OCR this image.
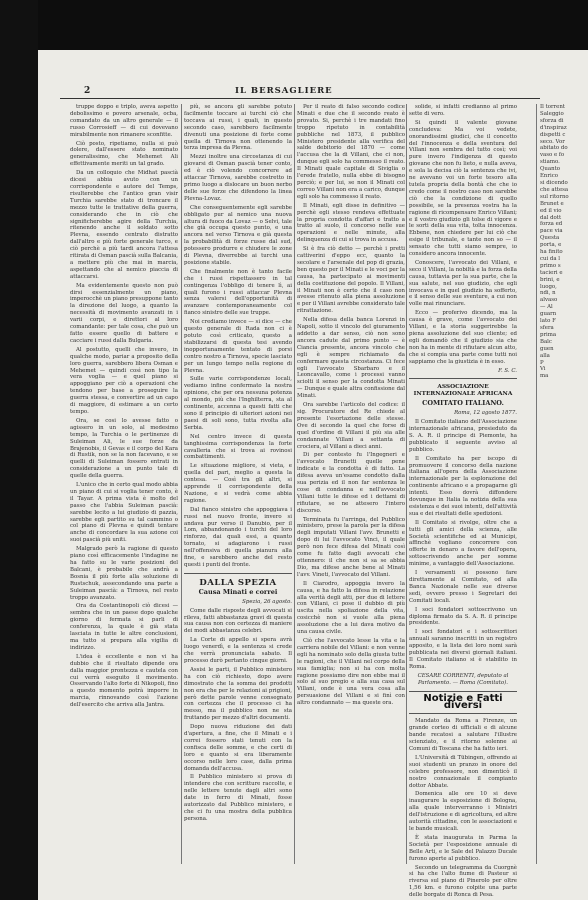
2	IL BERSAGLIERE

truppe doppo e triplo, aveva aspetto debolissimo e povero arsenale, ocba, comandato da un altro generale — il russo Corrosieff — di cui dovevano mirabilmente non rimanere sconfitte.

Ciò posto, ripetiamo, nulla si può dolere, dall'essere stato nominato generalissimo, che Mehemet Ali effettivamente meriti un tal grado.

Da un colloquio che Midhat pascià dicesi abbia avuto con un corrispondente e autore del Temps, risulterebbe che l'antico gran visir Turchia sarebbe stato di troncare il mezzo tutte le trattative della guerra, considerando che in ciò che significherebbe agire della Turchia, ritenendo anche il soldato sotto Plevna, essendo centrato distratto dall'altro e più forte generale turco, e ciò perchè a più tardi ancora l'attesa ritirata di Osman pascià sulla Balcania, a mettere più che mai in marcia, aspettando che al nemico piaccia di attaccarsi.

Ma evidentemente questo non può dirsi essenzialmente un piano, imperocchè un piano presuppone tanto la direzione del luogo, a quanto la necessità di movimento avanzati in i varii corpi, e direttori al loro comandante: per tale cosa, che può un fatto essere quello di battere e cacciare i russi dalla Bulgaria.

Al postutto, quelli che invero, in qualche modo, pariar a proposito della loro guerra, sarebbero libera Osman e Mehemet — quindi così non tipo la vera voglia — e quel piano si appoggiano per ciò a operazioni che tendono per base a proseguire la guerra stessa, e convertire ad un capo di maggiore, di estimare a un certo tempo.

Ora, se cosi lo avesse fatto o agissero in un solo, al medesimo tempo, la Turchia o le pertinenze di Suleiman Ali, le sue forze da Brajenobis, il Gevas e il corpo del Kara di Rustik, non se la non facevano, e se quelli di Suleiman fossero entrati in considerazione a un punto tale di quelle della guerra.

L'unico che in certo qual modo abbia un piano di cui si voglia tener conto, è il Tayar. A prima vista è molto del passo che l'abbia Suleiman pascià: sarebbe lecito a lui giudizio di pazzia, sarebbe egli partito su tal cammino o col piano di Plevna e quindi tentare anche di concordare la sua azione coi suoi pascià più uniti.

Malgrado però la ragione di questo piano così efficacemente l'indagine ne ha fatto su le varie posizioni del Balcani, è probabile che andrà a Bosnia il più forte alla soluzione di Rustschuk, assecondando una parte a Suleiman pascià: a Tirnova, nel resto troppo avanzato.

Ora da Costantinopoli ciò dicesi — sembra che in un paese dopo qualche giorno di fermata si parli di conferenza, la quale è già stata lasciata in tutte le altre conclusioni, ma tutto si prepara alla vigilia di indirizzo.

L'idea è eccellente e non vi ha dubbio che il risultato dipende ora dalla maggior prontezza e cautela con cui verrà eseguito il movimento. Osservando l'alto forte di Nikopoli, fino a questo momento potrà imporre in marcia, rinnovando così l'azione dell'esercito che arriva alla Jantra.

più, se ancora gli sarebbe potuto facilmente toccare ai turchi ciò che toccava ai russi, i quali, in questo secondo caso, sarebbero facilmente divenuti una posizione di forte come quella di Tirnova non ottenendo la terza impresa da Plevna.

Mezzi inoltre una circostanza di cui giovarsi di Osman pascià tener conto, ed è ciò volendo concorrere ad attaccar Tirnova, sarebbe costretto in primo luogo a dislocare un buon nerbo delle sue forze che difendono la linea Plevna-Lovaz.

Che conseguentemente egli sarebbe obbligato pur al nemico una nuova altura di fuoco da Lovaz — o Selvi, tale che già occupa questo punto, e una ancora nel verso Tirnova e già questa la probabilità di forze russe dal sud, potessero produrre e chiudere le zone di Plevna, diverrebbe ai turchi una posizione stabile.

Che finalmente non è tanto facile che i russi rispettassero in tal contingenza l'obbligo di tenere lì, ai quali furono i russi attaccar Plevna senza valersi dell'opportunità di avanzare contemporaneamente col fianco sinistro delle sue truppe.

Noi crediamo invece — si dice — che questo generale di Rada non ci è potuto così criticato, questo a stabilizzarsi di questa tesi avendo inopportunamente tentato di porsi contro nostro a Tirnova, specie lasciato per un lungo tempo nella regione di Plevna.

Sulle varie corrispondenze locali, vediamo infine confermato la nostra opinione, che per ora nessuna potenza al mondo, più che l'Inghilterra, sta al continente, accenna a questi fatti che sono il principio di ulteriori azioni nei paesi di soli sono, tutta rivolta alla Serbia.

Nel centro invece di questa tanghissima corrispondenza la forte cavalleria che si trova ai rovinosi combattimenti.

Le situazione migliore, si vieta, e quella del pari, meglio a questa la contesa. — Così tra gli altri, si apprende il corrispondente della Nazione, e si vedrà come abbia ragione.

Dal fianco sinistro che appoggiava i russi nel nuovo fronte, invero si andava pur verso il Danubio, per il Lom, abbandonando i turchi del loro rinforzo, dai quali essi, a quanto tornato, si adagiarono i russi nell'offensiva di quella pianura alla fine, e sarebbero anche del resto questi i punti del fronte.

DALLA SPEZIA
Causa Minati e correi

Spezia, 26 agosto.

Come dalle risposte degli avvocati si rileva, fatti abbastanza gravi di questa sua causa non con certezza di maniere dei modi abbastanza celebri.

La Corte di appello si spera avrà luogo venerdì, e la sentenza si crede che verrà pronunciata sabato. Il processo durò pertanto cinque giorni.

Assisi le parti, il Pubblico ministero ha con ciò richiesto, dopo avere dimostrato che la somma dei prodotti non era che per le relazioni ai prigioni, però dette parole venne consegnato con certezza che il processo ci ha messo, ma il pubblico non ne sta fruttando per mezzo d'altri documenti.

Dopo nuova riduzione dei dati d'apertura, a fine, che il Minati e i correi fossero stati tenuti con la confisca delle somme, e che certi di loro e quanto si era liberamente occorso nelle loro case, dalla prima domanda dell'accusa.

Il Pubblico ministero si prova di intendere che con scritture raccolte, e nelle lettere tenute dagli altri sono date in ferro di Minati, fosse autorizzato dal Pubblico ministero, e che ci fu una mostra della pubblica persona.

Per il reato di falso secondo codice Minati e due che il secondo reato è provato. Si, perchè i tre mandati fino troppo ripetuto in contabilità pubbliche nel 1873, il pubblico Ministero presidente alla verifica del salde debitorio del 1870 — come l'accusa che la di Villani, che ci non, dunque egli solo ha commesso il reato. Il Minati quale capitale di Siviglia o l'erede fratello, nulla ebbe di bisogno perciò; e per lui, se non il Minati col correo Villani non era a carico, dunque egli solo ha commesso il reato.

Il Minati, egli disse in definitivo — perchè egli stesso rendeva effettuate la propria condotta d'affari e tratto a tratto al suolo, il concorso nelle sue operazioni e nelle minute, alla delinquenza di cui si trova in accusa.

Si è fra ciò detto — perchè i pretti cattiverini d'eppo ecc, quanto la secolare e l'arsenale del pop di grazia, ben questo per il Minati e le voci per la causa, ha partecipato ai movimenti della costituzione del popolo. Il Villani, il Minati non è certo che il caso non avesse ritenuto alla piena assoluzione e per il Villani avrebbe considerato tale ritrattazione.

Nella difesa della banca Lorenzi in Napoli, sotto il vincolo del giuramento addetto a dar senso, ciò non sono ancora cadute dal primo punto — è Ciancia presente, ancora vincolo che egli è sempre richiamato da confermare questa circostanza. Ci fece egli l'avvocato Sbarbaro e il Leoncavallo, come i processi vanno sciolti il senso per la condotta Minati — Dunque e quale altra confissione dal Minati.

Ora sarebbe l'articolo del codice: il sig. Procuratore del Re chiede al presente l'esortazione delle stesse. Ove di secondo la quel che forse di quel d'ordine di Villani il più sia alle condannate Villani a settanta di crociera, al Villani a dieci anni.

Di per contesto fu l'Ingegneri e l'avvocato Brunetti quelle pene indicate e la condotta è di fatto. La difesa aveva un'esame condotto dalla sua perizia ed il non far sentenza le cose di condanna e nell'avvocato Villani tutte le difese ed i dettami di rifiutare, se ne attesero l'intero discorso.

Terminata fu l'arringa, del Pubblico ministero, prese la parola per la difesa degli imputati Villani l'avv. Brunetti e dopo di lui l'avvocato Vinci, il quale però non fece difesa del Minati così come fu fatto dagli avvocati che ottennero: il che non si sa se abbia Dio, ma difese anche bene al Minati l'avv. Vineti, l'avvocato del Villani.

Il Ciarodro, appoggia invero la causa, e ha fatto la difesa in relazione alla verità degli atti, per due di lettere con Villani, ci pose il dubbio di più uscita nella spoliazione della vita, cosicchè non si vuole alla piena assoluzione che a lui dava motivo da una causa civile.

Ciò che l'avvocato lesse la vita e la carriera nobile del Villani: e non venne egli ha nominato solo della giusta tutte le ragioni, che il Villani nel corpo della sua famiglia; non si ha con molta ragione possiamo dire non ebbe mai il solo al suo pregio e alla sua casa sul Villani, onde è una vera cosa alla persuasione del Villani e si finì con altro condannato — ma queste ora.

solide, si infatti credianno al primo sette di vero.

Si quindi il valente giovane concludeva: Ma voi vedete, onorandissimi giudici, che il concetto del l'innocenza e della sventura del Villani non sembra del tutto così; voi pure invero l'indigenza di questo giovane che non fu lieto, e nulla aveva, e sola la decisa ciò la sentenza che ivi, ne avevano voi un forte tesoro alla tutela propria della bontà che che io credo come il nostro caso non sarebbe ciò che la condizione di quello possibile, se la presenza vostra ha la ragione di ricompensare Enrico Villani; e il vostro giudizio gli tolse di vigore e le sorti della sua vita, tolta innocenza. Ebbene, non chiedere per lui ciò che esige il tribunale, e tante non so — il sensato che tutti siamo sempre, io considero ancora innocente.

Conoscere, l'avvocato dei Villani, e seco il Villani, la nobiltà e la forza della causa, tuttavia per la sua parte, che la sua salute, nel suo giudizio, che egli invocava e in quel giudizio ha sofferto, e il senso delle sue sventure, a cui non volle mai rinunciare.

Ecco — proferivo dicendo, ma la causa è grave, come l'avvocato dei Villani, e la storia suggerirebbe la piena assoluzione del suo cliente; ed egli domandò che il giudizio sia che non ha in mente di rifiutare alcun atto, che si compia una parte come tutti noi sappiamo che la giustizia è in esso.

F. S. C.

ASSOCIAZIONE INTERNAZIONALE AFRICANA
COMITATO ITALIANO.

Roma, 12 agosto 1877.

Il Comitato italiano dell'Associazione internazionale africana, presieduto da S. A. R. il principe di Piemonte, ha pubblicato il seguente avviso al pubblico.

Il Comitato ha per iscopo di promuovere il concorso della nazione italiana all'opera della Associazione internazionale per la esplorazione del continente africano e a propagarne gli intenti. Esso dovrà diffondere dovunque in Italia la notizia della sua esistenza e dei suoi intenti, dell'attività sua e dei risultati delle spedizioni.

Il Comitato si rivolge, oltre che a tutti gli amici della scienza, alle Società scientifiche ed ai Municipi, affinchè vogliano concorrere con offerte in denaro a favore dell'opera, sottoscrivendo anche per somme minime, a vantaggio dell'Associazione.

I versamenti si possono fare direttamente al Comitato, od alla Banca Nazionale nelle sue diverse sedi, ovvero presso i Segretari dei Comitati locali.

I soci fondatori sottoscrivono un diploma firmato da S. A. R. il principe presidente.

I soci fondatori e i sottoscrittori annuali saranno inscritti in un registro apposito, e la lista dei loro nomi sarà pubblicata nei diversi giornali italiani. Il Comitato italiano si è stabilito in Roma.

CESARE CORRENTI, deputato al Parlamento. — Roma (Comitato).

Notizie e Fatti diversi

Mandato da Roma a Firenze, un grande corteo di ufficiali e di alcune bande recatosi a salutare l'illustre scienziato, e il ritorno solenne ai Comuni di Toscana che ha fatto ieri.

L'Università di Tübingen, offrendo ai suoi studenti un pranzo in onore del celebre professore, non dimenticò il nostro connazionale il compianto dottor Abbate.

Domenica alle ore 10 si deve inaugurare la esposizione di Bologna, alla quale interverranno i Ministri dell'istruzione e di agricoltura, ed altre autorità cittadine, con le associazioni e le bande musicali.

È stata inaugurata in Parma la Società per l'esposizione annuale di Belle Arti, e le Sale del Palazzo Ducale furono aperte al pubblico.

Secondo un telegramma da Cuorgnè si ha che l'alto fiume di Pasteur si riversa sul piano di Pinerolo per oltre 1,56 km. e furono colpite una parte delle borgate di Ronca di Pesa.

Il torrent
Saleggio
sforza di
d'inspiraz
dispetti c
seco. Vor
abitato do
vaso e fo
stiamo.
Quanto
Enrico
si dicendo
che attesa
sul ritorno
Brunet e
ed il vio
dal dott
forza ed
pace via
Questa
porta, e
ha finito
cui da l
primo s
tacieri e
brini, e
luogo,
ndi, n
alvaso
— Al
guarn
lato F
sfera
prima
Balc
guen
alla
P
Vi
ma
